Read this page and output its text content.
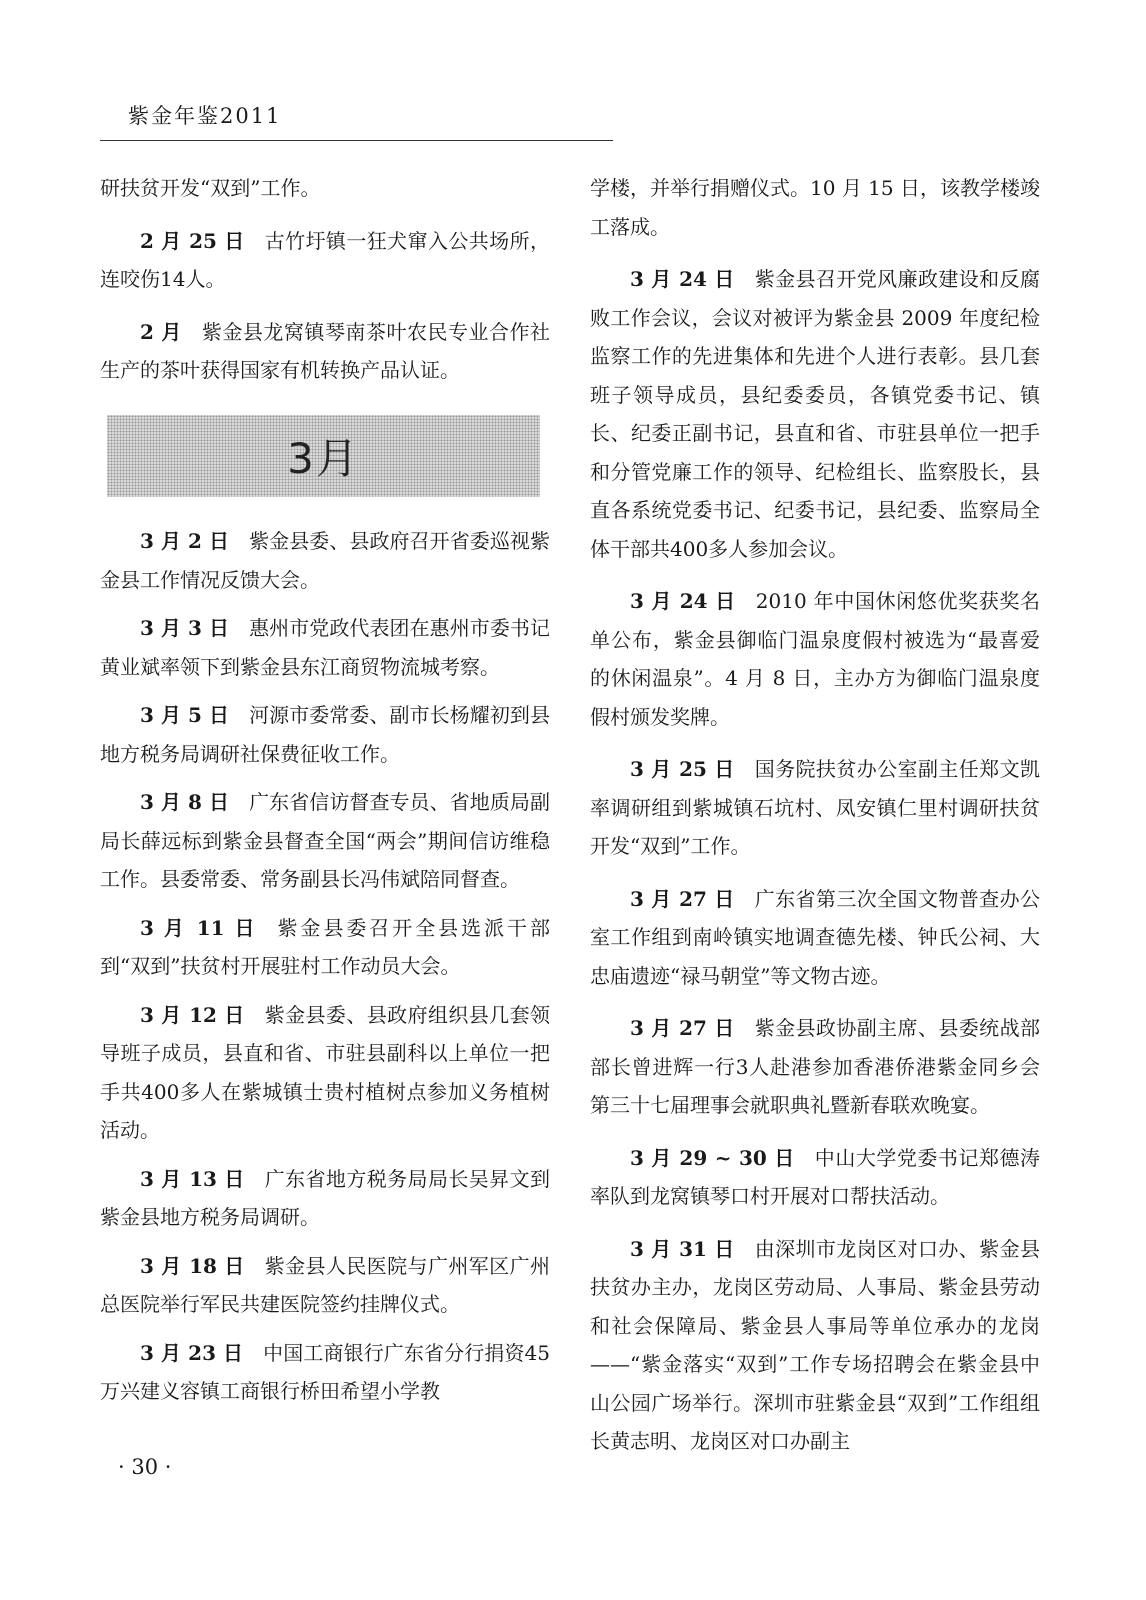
紫金年鉴2011

研扶贫开发“双到”工作。

2 月 25 日 古竹圩镇一狂犬窜入公共场所，连咬伤14人。

2 月 紫金县龙窝镇琴南茶叶农民专业合作社生产的茶叶获得国家有机转换产品认证。

3月

3 月 2 日 紫金县委、县政府召开省委巡视紫金县工作情况反馈大会。

3 月 3 日 惠州市党政代表团在惠州市委书记黄业斌率领下到紫金县东江商贸物流城考察。

3 月 5 日 河源市委常委、副市长杨耀初到县地方税务局调研社保费征收工作。

3 月 8 日 广东省信访督查专员、省地质局副局长薛远标到紫金县督查全国“两会”期间信访维稳工作。县委常委、常务副县长冯伟斌陪同督查。

3 月 11 日 紫金县委召开全县选派干部到“双到”扶贫村开展驻村工作动员大会。

3 月 12 日 紫金县委、县政府组织县几套领导班子成员，县直和省、市驻县副科以上单位一把手共400多人在紫城镇士贵村植树点参加义务植树活动。

3 月 13 日 广东省地方税务局局长吴昇文到紫金县地方税务局调研。

3 月 18 日 紫金县人民医院与广州军区广州总医院举行军民共建医院签约挂牌仪式。

3 月 23 日 中国工商银行广东省分行捐资45万兴建义容镇工商银行桥田希望小学教

学楼，并举行捐赠仪式。10 月 15 日，该教学楼竣工落成。

3 月 24 日 紫金县召开党风廉政建设和反腐败工作会议，会议对被评为紫金县 2009 年度纪检监察工作的先进集体和先进个人进行表彰。县几套班子领导成员，县纪委委员，各镇党委书记、镇长、纪委正副书记，县直和省、市驻县单位一把手和分管党廉工作的领导、纪检组长、监察股长，县直各系统党委书记、纪委书记，县纪委、监察局全体干部共400多人参加会议。

3 月 24 日 2010 年中国休闲悠优奖获奖名单公布，紫金县御临门温泉度假村被选为“最喜爱的休闲温泉”。4 月 8 日，主办方为御临门温泉度假村颁发奖牌。

3 月 25 日 国务院扶贫办公室副主任郑文凯率调研组到紫城镇石坑村、凤安镇仁里村调研扶贫开发“双到”工作。

3 月 27 日 广东省第三次全国文物普查办公室工作组到南岭镇实地调查德先楼、钟氏公祠、大忠庙遗迹“禄马朝堂”等文物古迹。

3 月 27 日 紫金县政协副主席、县委统战部部长曾进辉一行3人赴港参加香港侨港紫金同乡会第三十七届理事会就职典礼暨新春联欢晚宴。

3 月 29 ~ 30 日 中山大学党委书记郑德涛率队到龙窝镇琴口村开展对口帮扶活动。

3 月 31 日 由深圳市龙岗区对口办、紫金县扶贫办主办，龙岗区劳动局、人事局、紫金县劳动和社会保障局、紫金县人事局等单位承办的龙岗——“紫金落实“双到”工作专场招聘会在紫金县中山公园广场举行。深圳市驻紫金县“双到”工作组组长黄志明、龙岗区对口办副主

· 30 ·
